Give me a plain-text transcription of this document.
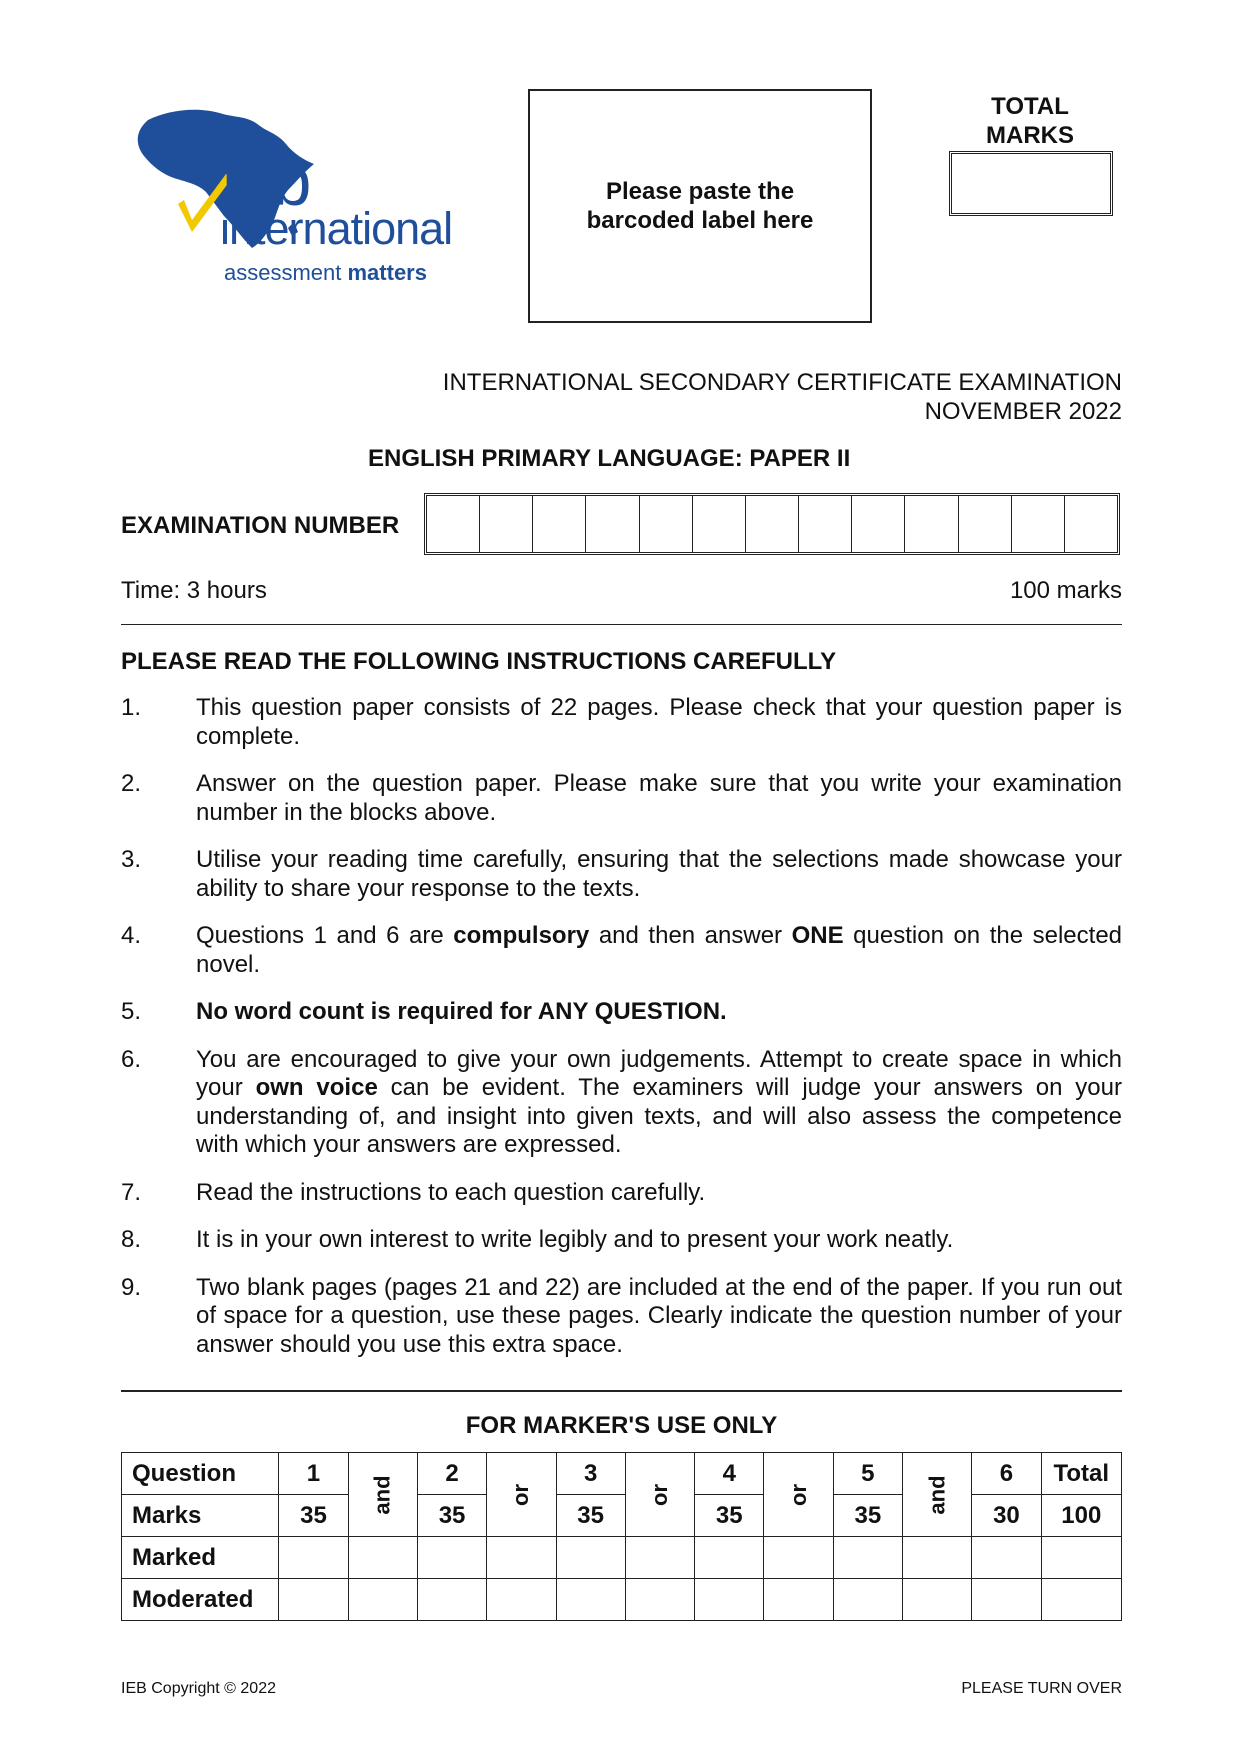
ieb
international
assessment matters
Please paste the barcoded label here
TOTAL
MARKS
INTERNATIONAL SECONDARY CERTIFICATE EXAMINATION
NOVEMBER 2022
ENGLISH PRIMARY LANGUAGE: PAPER II
EXAMINATION NUMBER
Time: 3 hours	100 marks
PLEASE READ THE FOLLOWING INSTRUCTIONS CAREFULLY
1.	This question paper consists of 22 pages. Please check that your question paper is complete.
2.	Answer on the question paper. Please make sure that you write your examination number in the blocks above.
3.	Utilise your reading time carefully, ensuring that the selections made showcase your ability to share your response to the texts.
4.	Questions 1 and 6 are compulsory and then answer ONE question on the selected novel.
5.	No word count is required for ANY QUESTION.
6.	You are encouraged to give your own judgements. Attempt to create space in which your own voice can be evident. The examiners will judge your answers on your understanding of, and insight into given texts, and will also assess the competence with which your answers are expressed.
7.	Read the instructions to each question carefully.
8.	It is in your own interest to write legibly and to present your work neatly.
9.	Two blank pages (pages 21 and 22) are included at the end of the paper. If you run out of space for a question, use these pages. Clearly indicate the question number of your answer should you use this extra space.
FOR MARKER'S USE ONLY
Question	1	and	2	or	3	or	4	or	5	and	6	Total
Marks	35		35		35		35		35		30	100
Marked												
Moderated												
IEB Copyright © 2022	PLEASE TURN OVER
